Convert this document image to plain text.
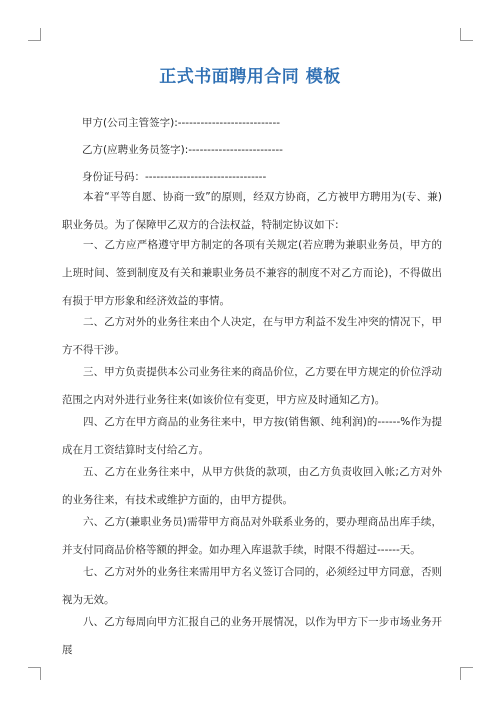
正式书面聘用合同 模板
甲方(公司主管签字):---------------------------
乙方(应聘业务员签字):-------------------------
身份证号码：--------------------------------

本着“平等自愿、协商一致”的原则，经双方协商，乙方被甲方聘用为(专、兼)职业务员。为了保障甲乙双方的合法权益，特制定协议如下:

一、乙方应严格遵守甲方制定的各项有关规定(若应聘为兼职业务员，甲方的上班时间、签到制度及有关和兼职业务员不兼容的制度不对乙方而论)，不得做出有损于甲方形象和经济效益的事情。

二、乙方对外的业务往来由个人决定，在与甲方利益不发生冲突的情况下，甲方不得干涉。

三、甲方负责提供本公司业务往来的商品价位，乙方要在甲方规定的价位浮动范围之内对外进行业务往来(如该价位有变更，甲方应及时通知乙方)。

四、乙方在甲方商品的业务往来中，甲方按(销售额、纯利润)的------%作为提成在月工资结算时支付给乙方。

五、乙方在业务往来中，从甲方供货的款项，由乙方负责收回入帐;乙方对外的业务往来，有技术或维护方面的，由甲方提供。

六、乙方(兼职业务员)需带甲方商品对外联系业务的，要办理商品出库手续，并支付同商品价格等额的押金。如办理入库退款手续，时限不得超过------天。

七、乙方对外的业务往来需用甲方名义签订合同的，必须经过甲方同意，否则视为无效。

八、乙方每周向甲方汇报自己的业务开展情况，以作为甲方下一步市场业务开展
